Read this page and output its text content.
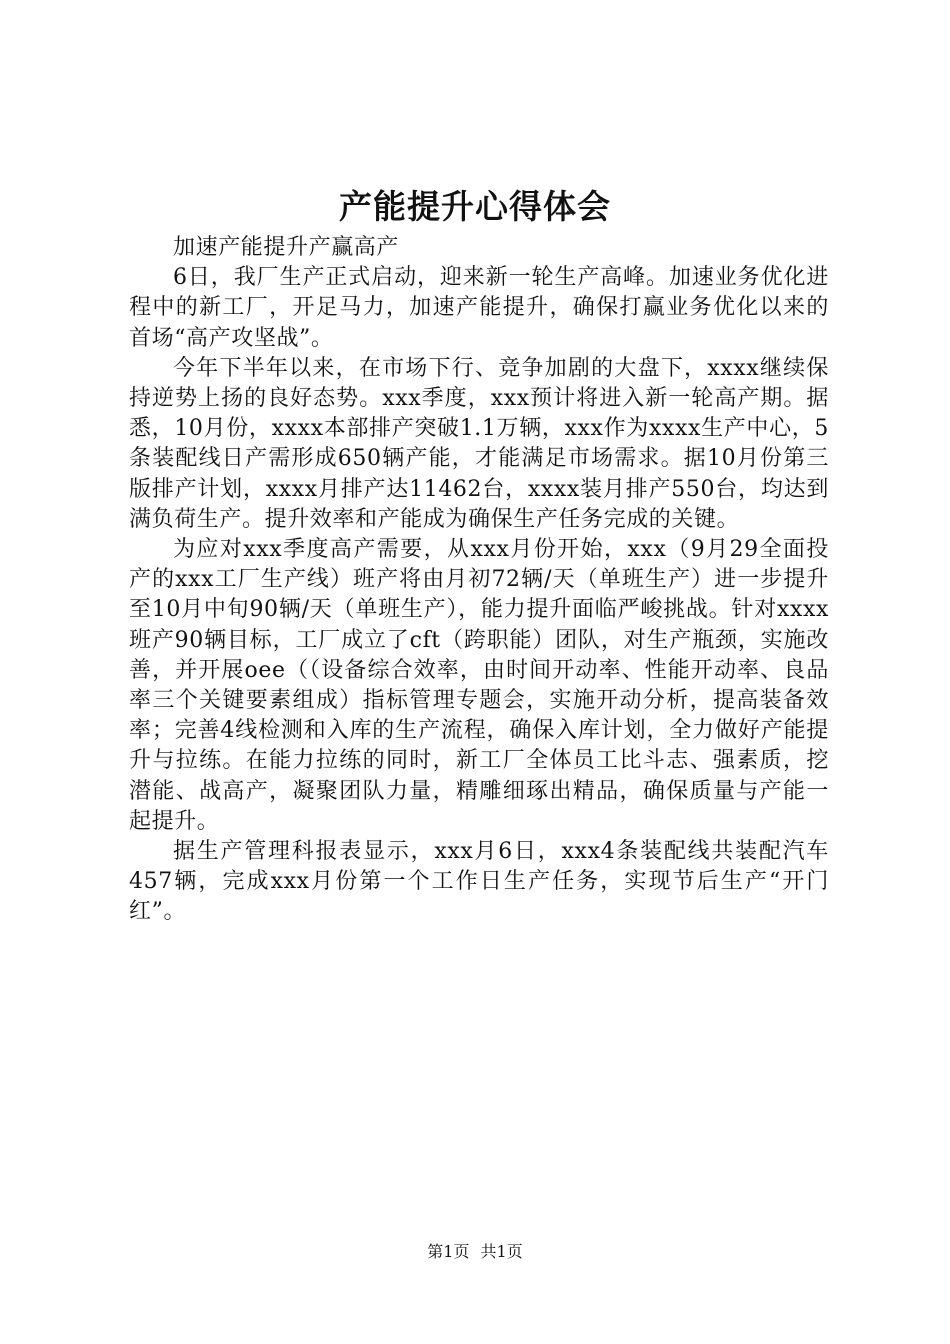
产能提升心得体会

加速产能提升产赢高产

6日，我厂生产正式启动，迎来新一轮生产高峰。加速业务优化进程中的新工厂，开足马力，加速产能提升，确保打赢业务优化以来的首场“高产攻坚战”。

今年下半年以来，在市场下行、竞争加剧的大盘下，xxxx继续保持逆势上扬的良好态势。xxx季度，xxx预计将进入新一轮高产期。据悉，10月份，xxxx本部排产突破1.1万辆，xxx作为xxxx生产中心，5条装配线日产需形成650辆产能，才能满足市场需求。据10月份第三版排产计划，xxxx月排产达11462台，xxxx装月排产550台，均达到满负荷生产。提升效率和产能成为确保生产任务完成的关键。

为应对xxx季度高产需要，从xxx月份开始，xxx（9月29全面投产的xxx工厂生产线）班产将由月初72辆/天（单班生产）进一步提升至10月中旬90辆/天（单班生产），能力提升面临严峻挑战。针对xxxx班产90辆目标，工厂成立了cft（跨职能）团队，对生产瓶颈，实施改善，并开展oee（（设备综合效率，由时间开动率、性能开动率、良品率三个关键要素组成）指标管理专题会，实施开动分析，提高装备效率；完善4线检测和入库的生产流程，确保入库计划，全力做好产能提升与拉练。在能力拉练的同时，新工厂全体员工比斗志、强素质，挖潜能、战高产，凝聚团队力量，精雕细琢出精品，确保质量与产能一起提升。

据生产管理科报表显示，xxx月6日，xxx4条装配线共装配汽车457辆，完成xxx月份第一个工作日生产任务，实现节后生产“开门红”。

第1页 共1页
